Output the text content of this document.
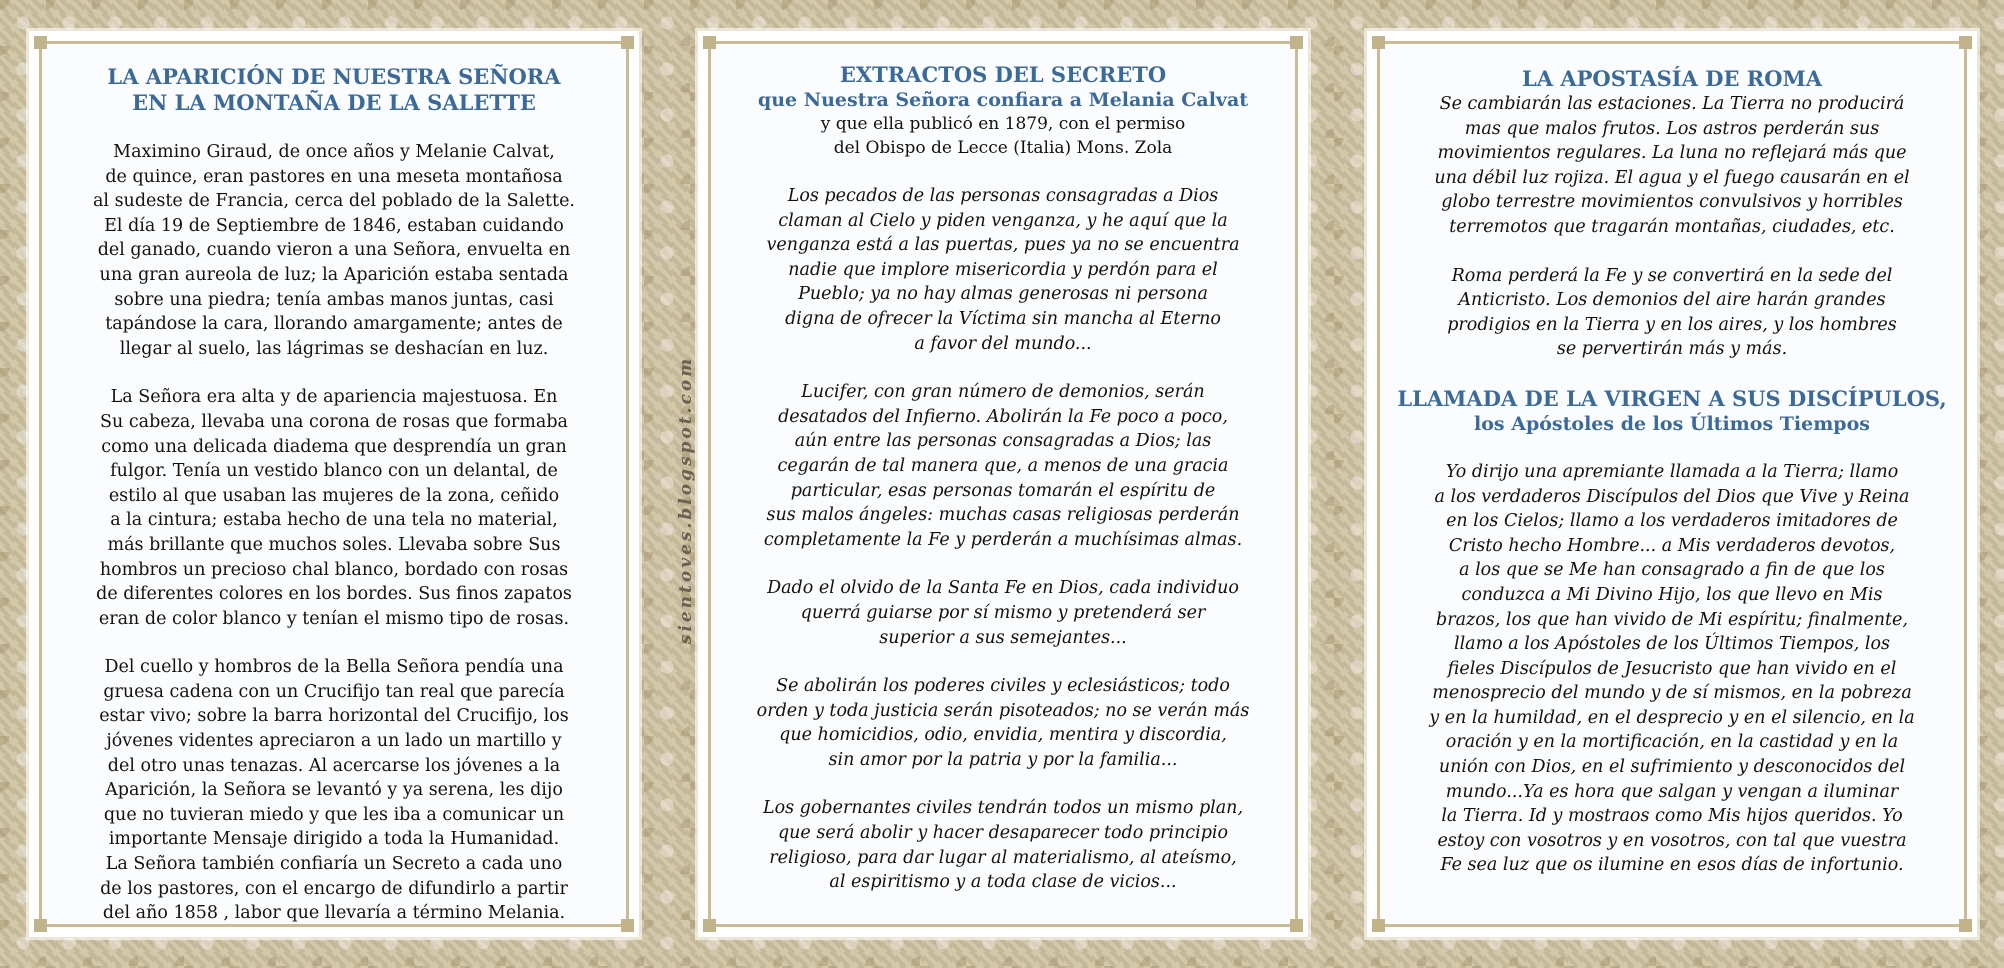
LA APARICIÓN DE NUESTRA SEÑORA
EN LA MONTAÑA DE LA SALETTE

Maximino Giraud, de once años y Melanie Calvat,
de quince, eran pastores en una meseta montañosa
al sudeste de Francia, cerca del poblado de la Salette.
El día 19 de Septiembre de 1846, estaban cuidando
del ganado, cuando vieron a una Señora, envuelta en
una gran aureola de luz; la Aparición estaba sentada
sobre una piedra; tenía ambas manos juntas, casi
tapándose la cara, llorando amargamente; antes de
llegar al suelo, las lágrimas se deshacían en luz.

La Señora era alta y de apariencia majestuosa. En
Su cabeza, llevaba una corona de rosas que formaba
como una delicada diadema que desprendía un gran
fulgor. Tenía un vestido blanco con un delantal, de
estilo al que usaban las mujeres de la zona, ceñido
a la cintura; estaba hecho de una tela no material,
más brillante que muchos soles. Llevaba sobre Sus
hombros un precioso chal blanco, bordado con rosas
de diferentes colores en los bordes. Sus finos zapatos
eran de color blanco y tenían el mismo tipo de rosas.

Del cuello y hombros de la Bella Señora pendía una
gruesa cadena con un Crucifijo tan real que parecía
estar vivo; sobre la barra horizontal del Crucifijo, los
jóvenes videntes apreciaron a un lado un martillo y
del otro unas tenazas. Al acercarse los jóvenes a la
Aparición, la Señora se levantó y ya serena, les dijo
que no tuvieran miedo y que les iba a comunicar un
importante Mensaje dirigido a toda la Humanidad.
La Señora también confiaría un Secreto a cada uno
de los pastores, con el encargo de difundirlo a partir
del año 1858 , labor que llevaría a término Melania.

sientoves.blogspot.com
EXTRACTOS DEL SECRETO
que Nuestra Señora confiara a Melania Calvat

y que ella publicó en 1879, con el permiso
del Obispo de Lecce (Italia) Mons. Zola

Los pecados de las personas consagradas a Dios
claman al Cielo y piden venganza, y he aquí que la
venganza está a las puertas, pues ya no se encuentra
nadie que implore misericordia y perdón para el
Pueblo; ya no hay almas generosas ni persona
digna de ofrecer la Víctima sin mancha al Eterno
a favor del mundo...

Lucifer, con gran número de demonios, serán
desatados del Infierno. Abolirán la Fe poco a poco,
aún entre las personas consagradas a Dios; las
cegarán de tal manera que, a menos de una gracia
particular, esas personas tomarán el espíritu de
sus malos ángeles: muchas casas religiosas perderán
completamente la Fe y perderán a muchísimas almas.

Dado el olvido de la Santa Fe en Dios, cada individuo
querrá guiarse por sí mismo y pretenderá ser
superior a sus semejantes...

Se abolirán los poderes civiles y eclesiásticos; todo
orden y toda justicia serán pisoteados; no se verán más
que homicidios, odio, envidia, mentira y discordia,
sin amor por la patria y por la familia...

Los gobernantes civiles tendrán todos un mismo plan,
que será abolir y hacer desaparecer todo principio
religioso, para dar lugar al materialismo, al ateísmo,
al espiritismo y a toda clase de vicios...

LA APOSTASÍA DE ROMA

Se cambiarán las estaciones. La Tierra no producirá
mas que malos frutos. Los astros perderán sus
movimientos regulares. La luna no reflejará más que
una débil luz rojiza. El agua y el fuego causarán en el
globo terrestre movimientos convulsivos y horribles
terremotos que tragarán montañas, ciudades, etc.

Roma perderá la Fe y se convertirá en la sede del
Anticristo. Los demonios del aire harán grandes
prodigios en la Tierra y en los aires, y los hombres
se pervertirán más y más.

LLAMADA DE LA VIRGEN A SUS DISCÍPULOS,
los Apóstoles de los Últimos Tiempos

Yo dirijo una apremiante llamada a la Tierra; llamo
a los verdaderos Discípulos del Dios que Vive y Reina
en los Cielos; llamo a los verdaderos imitadores de
Cristo hecho Hombre... a Mis verdaderos devotos,
a los que se Me han consagrado a fin de que los
conduzca a Mi Divino Hijo, los que llevo en Mis
brazos, los que han vivido de Mi espíritu; finalmente,
llamo a los Apóstoles de los Últimos Tiempos, los
fieles Discípulos de Jesucristo que han vivido en el
menosprecio del mundo y de sí mismos, en la pobreza
y en la humildad, en el desprecio y en el silencio, en la
oración y en la mortificación, en la castidad y en la
unión con Dios, en el sufrimiento y desconocidos del
mundo...Ya es hora que salgan y vengan a iluminar
la Tierra. Id y mostraos como Mis hijos queridos. Yo
estoy con vosotros y en vosotros, con tal que vuestra
Fe sea luz que os ilumine en esos días de infortunio.
